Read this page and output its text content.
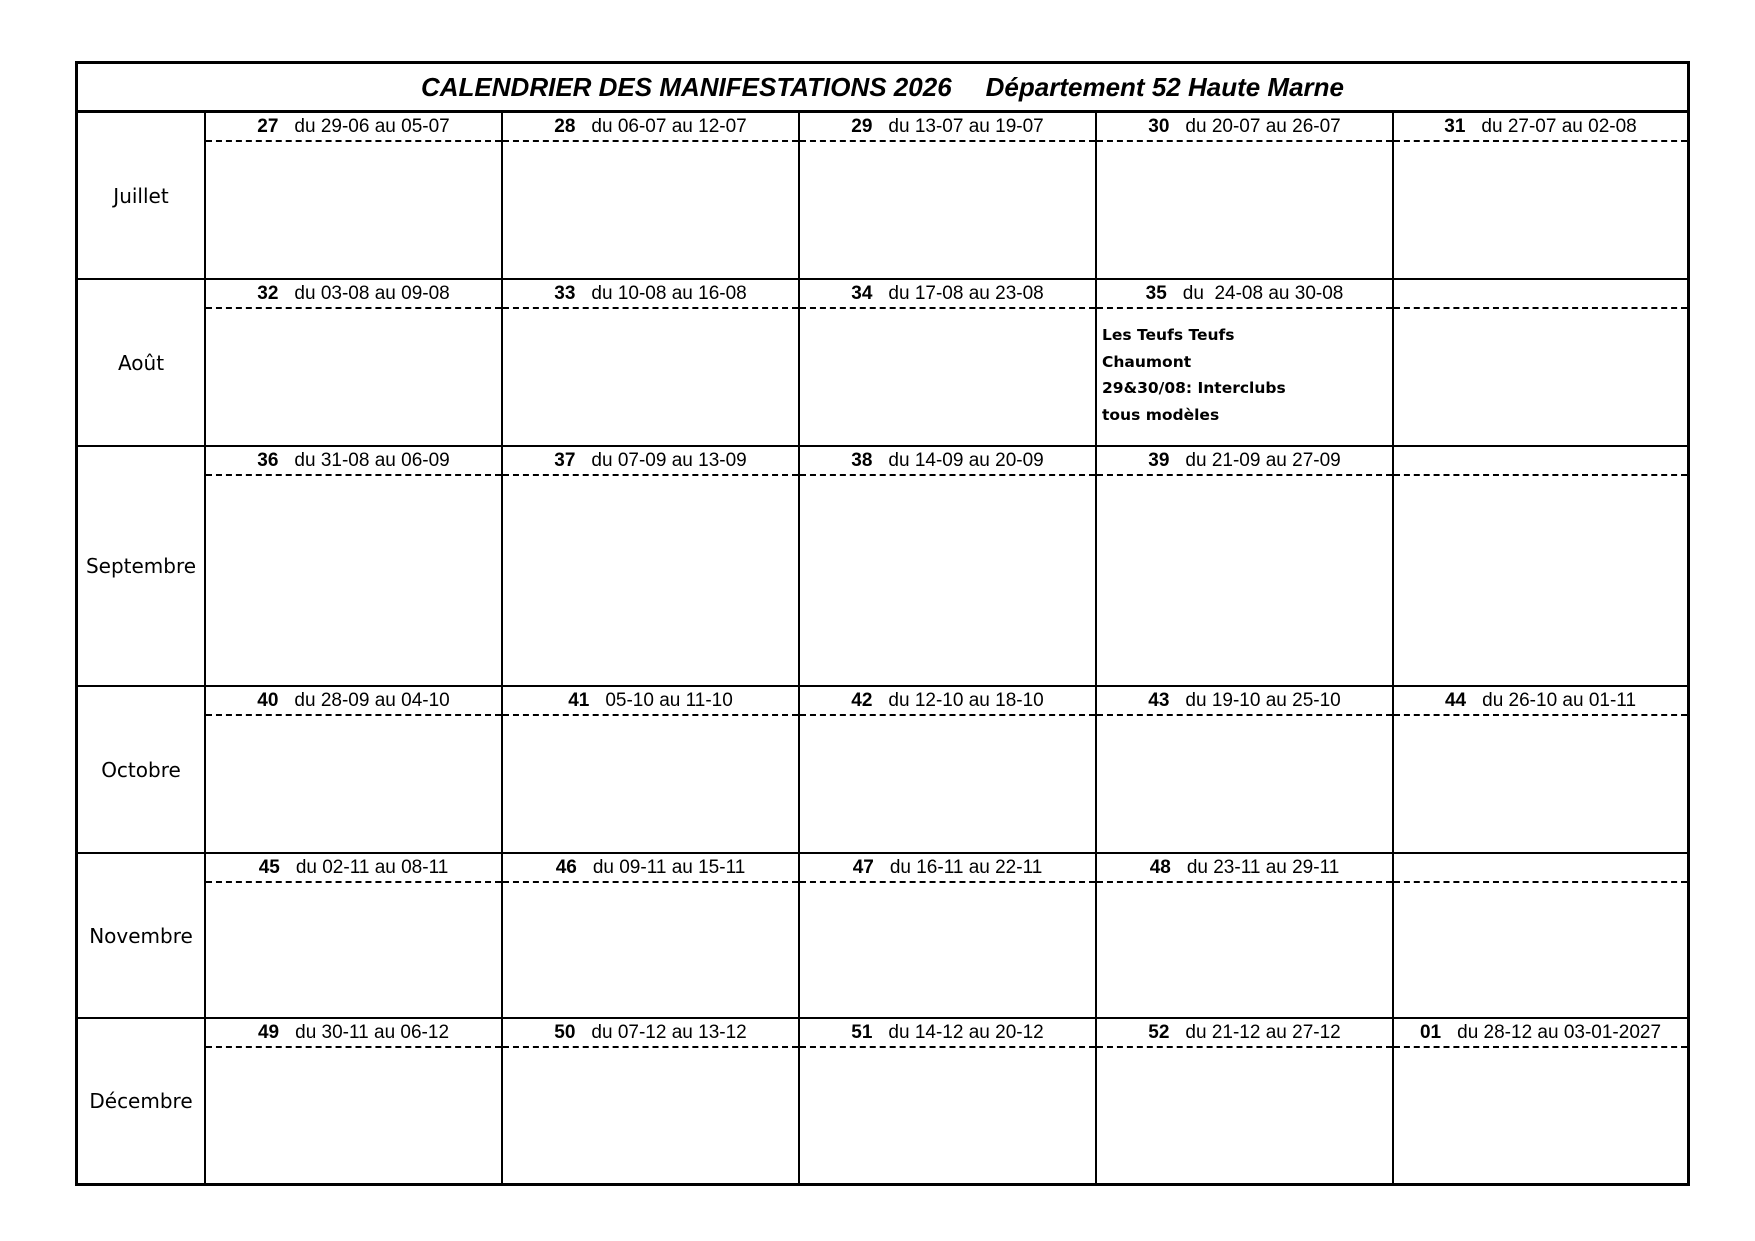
CALENDRIER DES MANIFESTATIONS 2026 Département 52 Haute Marne
Juillet
27 du 29-06 au 05-07	28 du 06-07 au 12-07	29 du 13-07 au 19-07	30 du 20-07 au 26-07	31 du 27-07 au 02-08
Août
32 du 03-08 au 09-08	33 du 10-08 au 16-08	34 du 17-08 au 23-08	35 du  24-08 au 30-08
Les Teufs Teufs
Chaumont
29&30/08: Interclubs
tous modèles
Septembre
36 du 31-08 au 06-09	37 du 07-09 au 13-09	38 du 14-09 au 20-09	39 du 21-09 au 27-09
Octobre
40 du 28-09 au 04-10	41 05-10 au 11-10	42 du 12-10 au 18-10	43 du 19-10 au 25-10	44 du 26-10 au 01-11
Novembre
45 du 02-11 au 08-11	46 du 09-11 au 15-11	47 du 16-11 au 22-11	48 du 23-11 au 29-11
Décembre
49 du 30-11 au 06-12	50 du 07-12 au 13-12	51 du 14-12 au 20-12	52 du 21-12 au 27-12	01 du 28-12 au 03-01-2027
